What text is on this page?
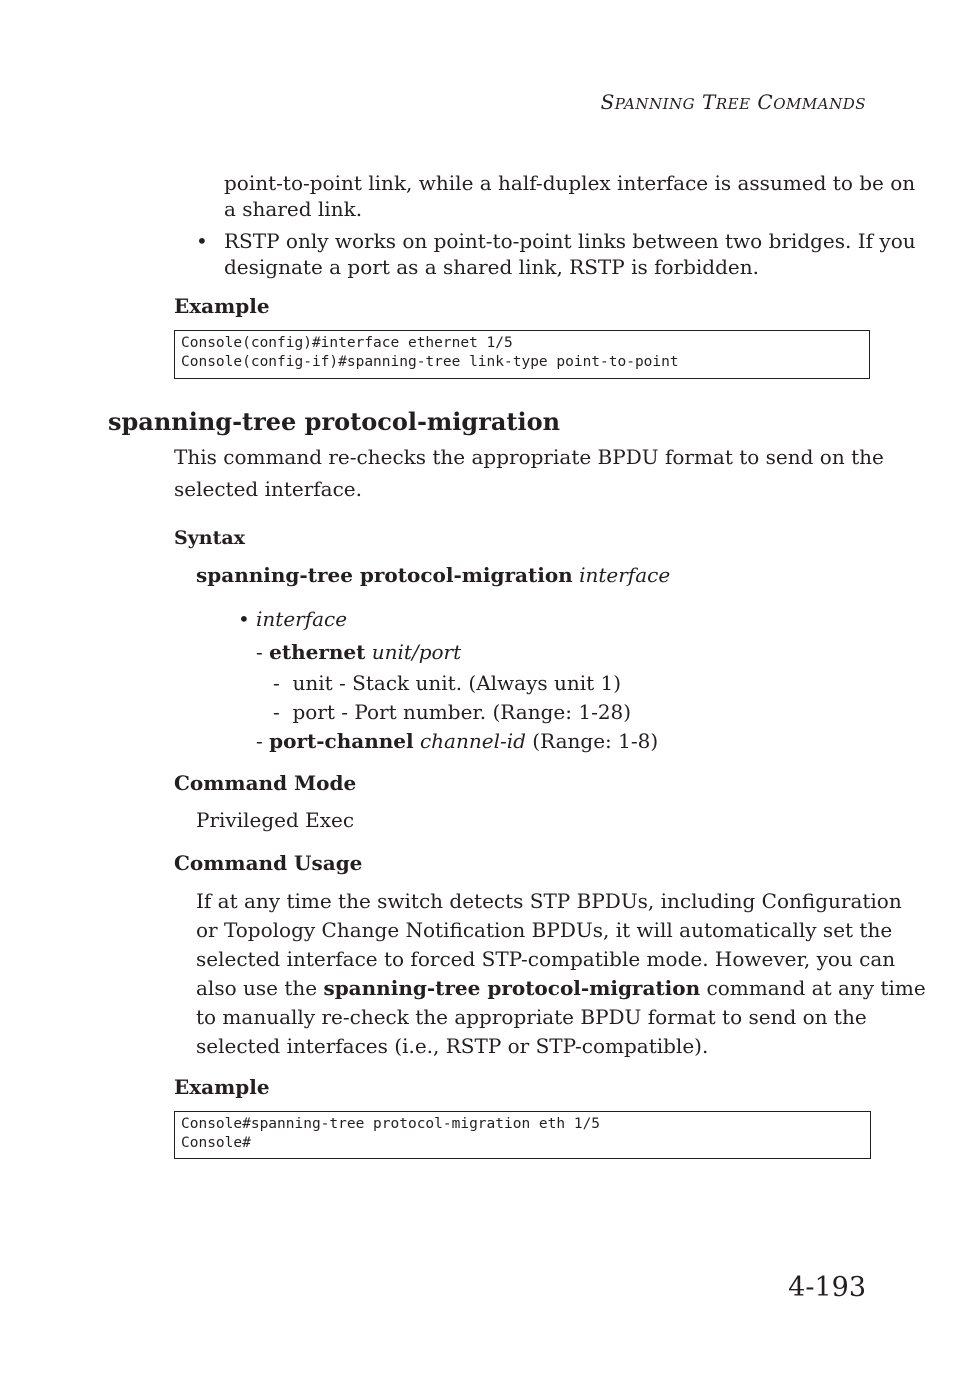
SPANNING TREE COMMANDS
point-to-point link, while a half-duplex interface is assumed to be on
a shared link.
• RSTP only works on point-to-point links between two bridges. If you
designate a port as a shared link, RSTP is forbidden.
Example
Console(config)#interface ethernet 1/5
Console(config-if)#spanning-tree link-type point-to-point
spanning-tree protocol-migration
This command re-checks the appropriate BPDU format to send on the
selected interface.
Syntax
spanning-tree protocol-migration interface
• interface
- ethernet unit/port
- unit - Stack unit. (Always unit 1)
- port - Port number. (Range: 1-28)
- port-channel channel-id (Range: 1-8)
Command Mode
Privileged Exec
Command Usage
If at any time the switch detects STP BPDUs, including Configuration
or Topology Change Notification BPDUs, it will automatically set the
selected interface to forced STP-compatible mode. However, you can
also use the spanning-tree protocol-migration command at any time
to manually re-check the appropriate BPDU format to send on the
selected interfaces (i.e., RSTP or STP-compatible).
Example
Console#spanning-tree protocol-migration eth 1/5
Console#
4-193
